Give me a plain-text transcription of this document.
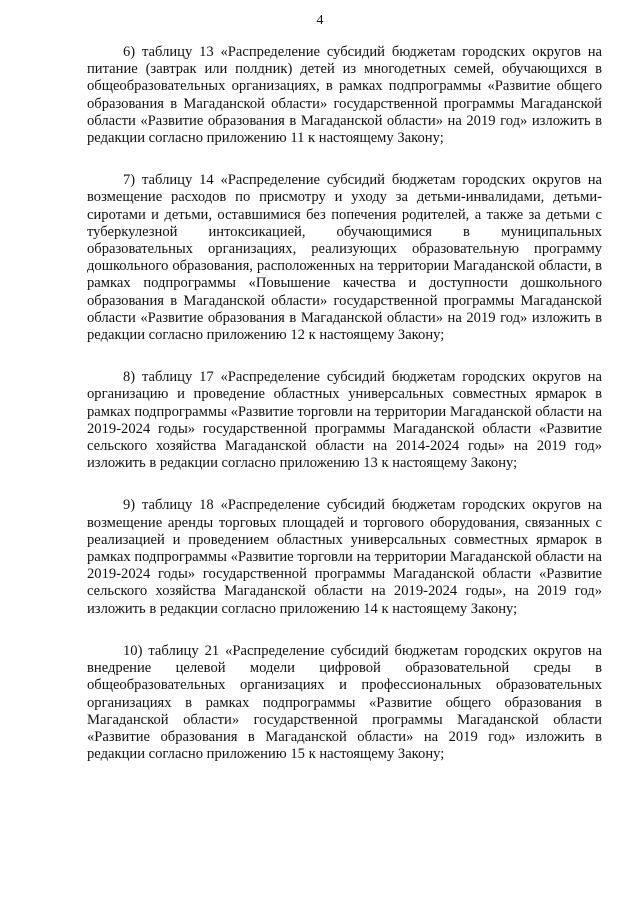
4

6) таблицу 13 «Распределение субсидий бюджетам городских округов на питание (завтрак или полдник) детей из многодетных семей, обучающихся в общеобразовательных организациях, в рамках подпрограммы «Развитие общего образования в Магаданской области» государственной программы Магаданской области «Развитие образования в Магаданской области» на 2019 год» изложить в редакции согласно приложению 11 к настоящему Закону;

7) таблицу 14 «Распределение субсидий бюджетам городских округов на возмещение расходов по присмотру и уходу за детьми-инвалидами, детьми-сиротами и детьми, оставшимися без попечения родителей, а также за детьми с туберкулезной интоксикацией, обучающимися в муниципальных образовательных организациях, реализующих образовательную программу дошкольного образования, расположенных на территории Магаданской области, в рамках подпрограммы «Повышение качества и доступности дошкольного образования в Магаданской области» государственной программы Магаданской области «Развитие образования в Магаданской области» на 2019 год» изложить в редакции согласно приложению 12 к настоящему Закону;

8) таблицу 17 «Распределение субсидий бюджетам городских округов на организацию и проведение областных универсальных совместных ярмарок в рамках подпрограммы «Развитие торговли на территории Магаданской области на 2019-2024 годы» государственной программы Магаданской области «Развитие сельского хозяйства Магаданской области на 2014-2024 годы» на 2019 год» изложить в редакции согласно приложению 13 к настоящему Закону;

9) таблицу 18 «Распределение субсидий бюджетам городских округов на возмещение аренды торговых площадей и торгового оборудования, связанных с реализацией и проведением областных универсальных совместных ярмарок в рамках подпрограммы «Развитие торговли на территории Магаданской области на 2019-2024 годы» государственной программы Магаданской области «Развитие сельского хозяйства Магаданской области на 2019-2024 годы», на 2019 год» изложить в редакции согласно приложению 14 к настоящему Закону;

10) таблицу 21 «Распределение субсидий бюджетам городских округов на внедрение целевой модели цифровой образовательной среды в общеобразовательных организациях и профессиональных образовательных организациях в рамках подпрограммы «Развитие общего образования в Магаданской области» государственной программы Магаданской области «Развитие образования в Магаданской области» на 2019 год» изложить в редакции согласно приложению 15 к настоящему Закону;
